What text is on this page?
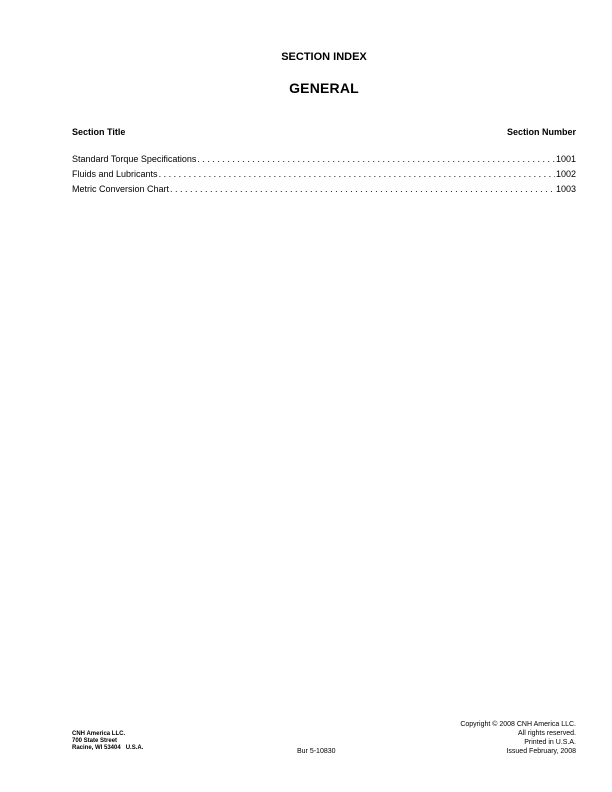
SECTION INDEX
GENERAL
Section Title	Section Number
Standard Torque Specifications . . .	1001
Fluids and Lubricants . . .	1002
Metric Conversion Chart . . .	1003
CNH America LLC.
700 State Street
Racine, WI 53404   U.S.A.	Bur 5-10830
Copyright © 2008 CNH America LLC.
All rights reserved.
Printed in U.S.A.
Issued February, 2008
